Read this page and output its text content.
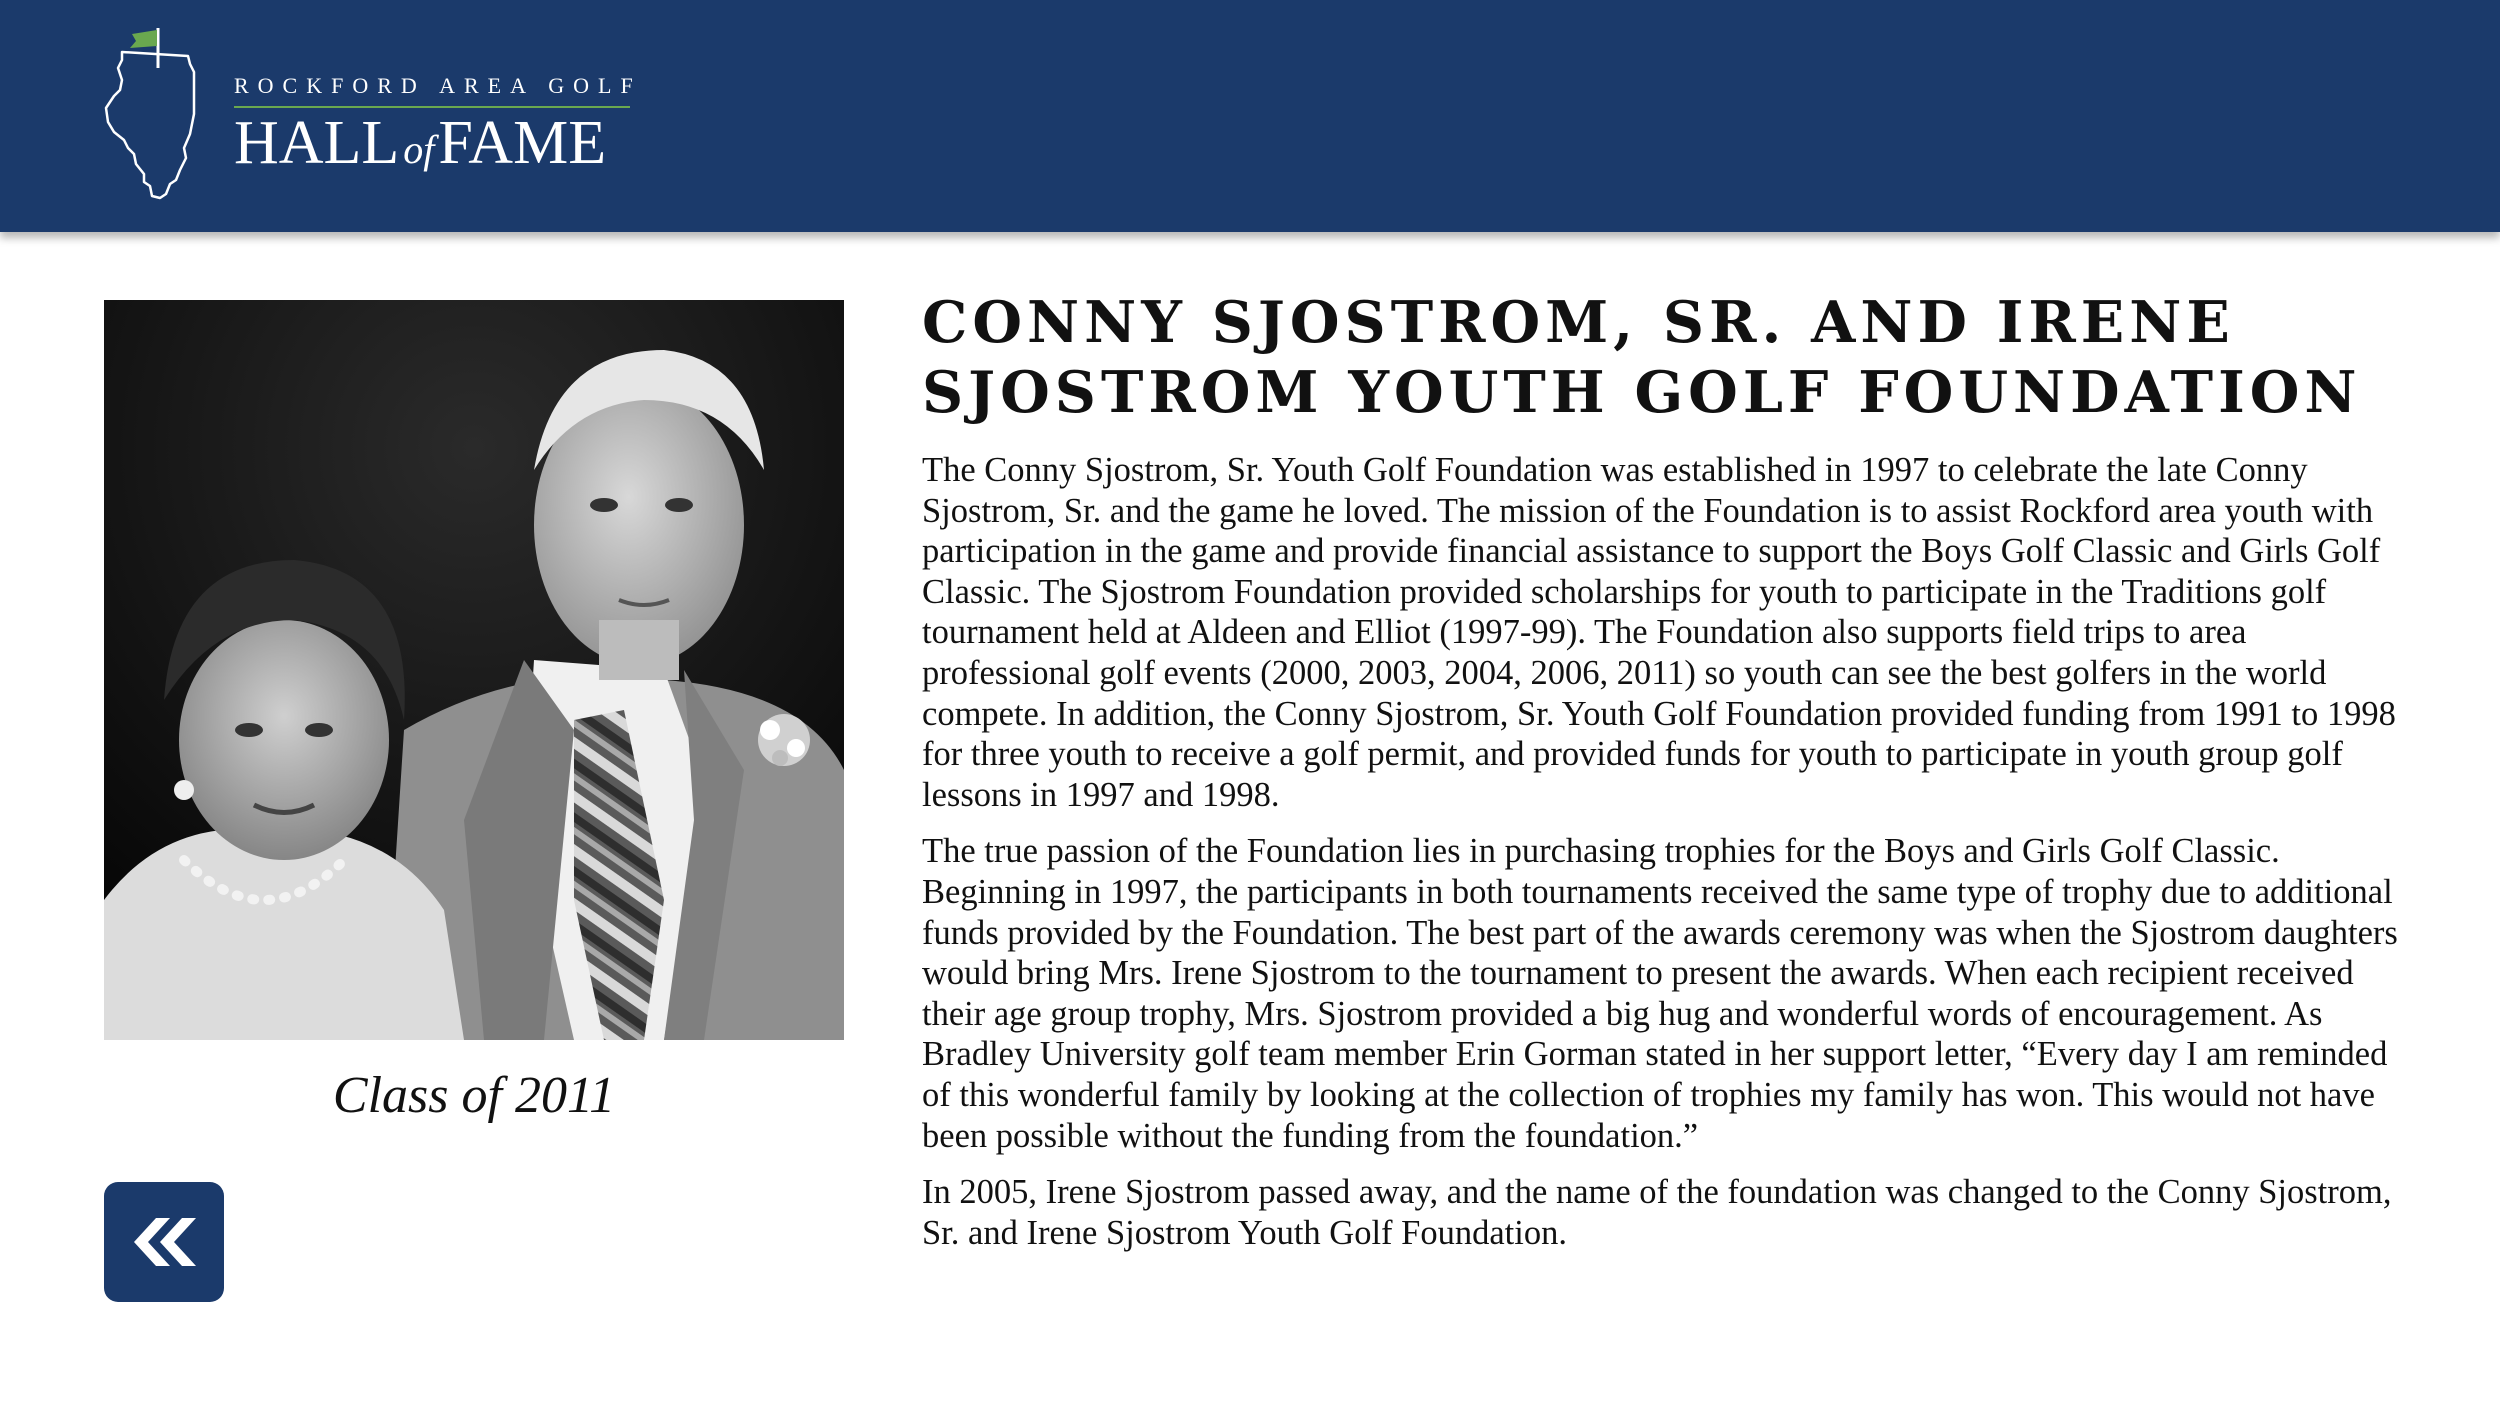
ROCKFORD AREA GOLF
HALL ofFAME
Class of 2011
CONNY SJOSTROM, SR. AND IRENE SJOSTROM YOUTH GOLF FOUNDATION

The Conny Sjostrom, Sr. Youth Golf Foundation was established in 1997 to celebrate the late Conny Sjostrom, Sr. and the game he loved. The mission of the Foundation is to assist Rockford area youth with participation in the game and provide financial assistance to support the Boys Golf Classic and Girls Golf Classic. The Sjostrom Foundation provided scholarships for youth to participate in the Traditions golf tournament held at Aldeen and Elliot (1997-99). The Foundation also supports field trips to area professional golf events (2000, 2003, 2004, 2006, 2011) so youth can see the best golfers in the world compete. In addition, the Conny Sjostrom, Sr. Youth Golf Foundation provided funding from 1991 to 1998 for three youth to receive a golf permit, and provided funds for youth to participate in youth group golf lessons in 1997 and 1998.

The true passion of the Foundation lies in purchasing trophies for the Boys and Girls Golf Classic. Beginning in 1997, the participants in both tournaments received the same type of trophy due to additional funds provided by the Foundation. The best part of the awards ceremony was when the Sjostrom daughters would bring Mrs. Irene Sjostrom to the tournament to present the awards. When each recipient received their age group trophy, Mrs. Sjostrom provided a big hug and wonderful words of encouragement. As Bradley University golf team member Erin Gorman stated in her support letter, “Every day I am reminded of this wonderful family by looking at the collection of trophies my family has won. This would not have been possible without the funding from the foundation.”

In 2005, Irene Sjostrom passed away, and the name of the foundation was changed to the Conny Sjostrom, Sr. and Irene Sjostrom Youth Golf Foundation.
